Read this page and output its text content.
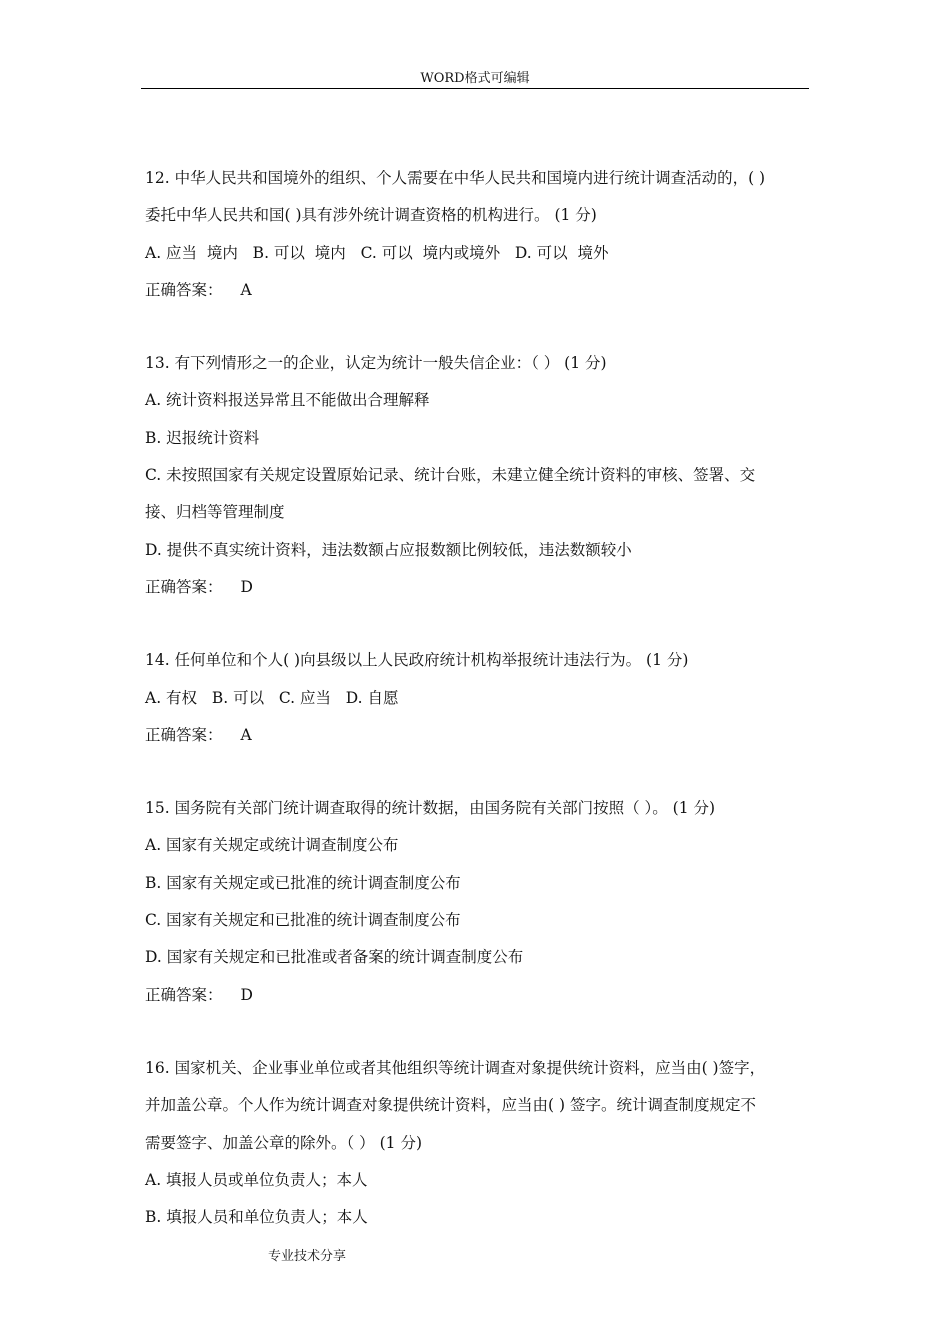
WORD格式可编辑
12. 中华人民共和国境外的组织、个人需要在中华人民共和国境内进行统计调查活动的，( )
委托中华人民共和国( )具有涉外统计调查资格的机构进行。 (1 分)
A. 应当  境内   B. 可以  境内   C. 可以  境内或境外   D. 可以  境外
正确答案： A
13. 有下列情形之一的企业，认定为统计一般失信企业：（ ） (1 分)
A. 统计资料报送异常且不能做出合理解释
B. 迟报统计资料
C. 未按照国家有关规定设置原始记录、统计台账，未建立健全统计资料的审核、签署、交
接、归档等管理制度
D. 提供不真实统计资料，违法数额占应报数额比例较低，违法数额较小
正确答案： D
14. 任何单位和个人( )向县级以上人民政府统计机构举报统计违法行为。 (1 分)
A. 有权   B. 可以   C. 应当   D. 自愿
正确答案： A
15. 国务院有关部门统计调查取得的统计数据，由国务院有关部门按照（ ）。 (1 分)
A. 国家有关规定或统计调查制度公布
B. 国家有关规定或已批准的统计调查制度公布
C. 国家有关规定和已批准的统计调查制度公布
D. 国家有关规定和已批准或者备案的统计调查制度公布
正确答案： D
16. 国家机关、企业事业单位或者其他组织等统计调查对象提供统计资料，应当由( )签字，
并加盖公章。个人作为统计调查对象提供统计资料，应当由( ) 签字。统计调查制度规定不
需要签字、加盖公章的除外。（ ） (1 分)
A. 填报人员或单位负责人；本人
B. 填报人员和单位负责人；本人
专业技术分享
